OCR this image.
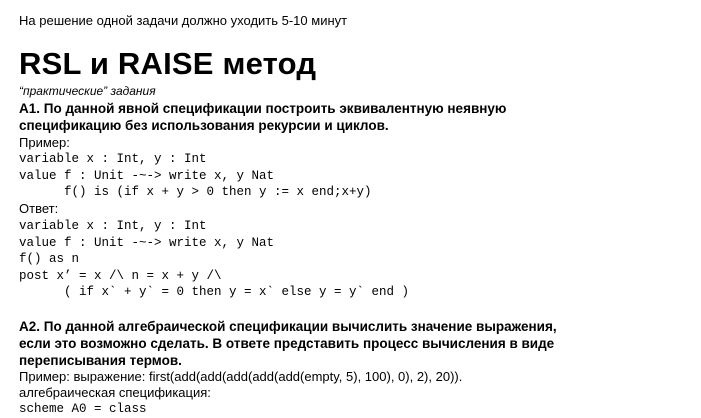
На решение одной задачи должно уходить 5-10 минут
RSL и RAISE метод
“практические” задания
A1. По данной явной спецификации построить эквивалентную неявную
спецификацию без использования рекурсии и циклов.
Пример:
variable x : Int, y : Int
value f : Unit -~-> write x, y Nat
f() is (if x + y > 0 then y := x end;x+y)
Ответ:
variable x : Int, y : Int
value f : Unit -~-> write x, y Nat
f() as n
post x’ = x /\ n = x + y /\
( if x` + y` = 0 then y = x` else y = y` end )
A2. По данной алгебраической спецификации вычислить значение выражения,
если это возможно сделать. В ответе представить процесс вычисления в виде
переписывания термов.
Пример: выражение: first(add(add(add(add(add(empty, 5), 100), 0), 2), 20)).
алгебраическая спецификация:
scheme A0 = class
